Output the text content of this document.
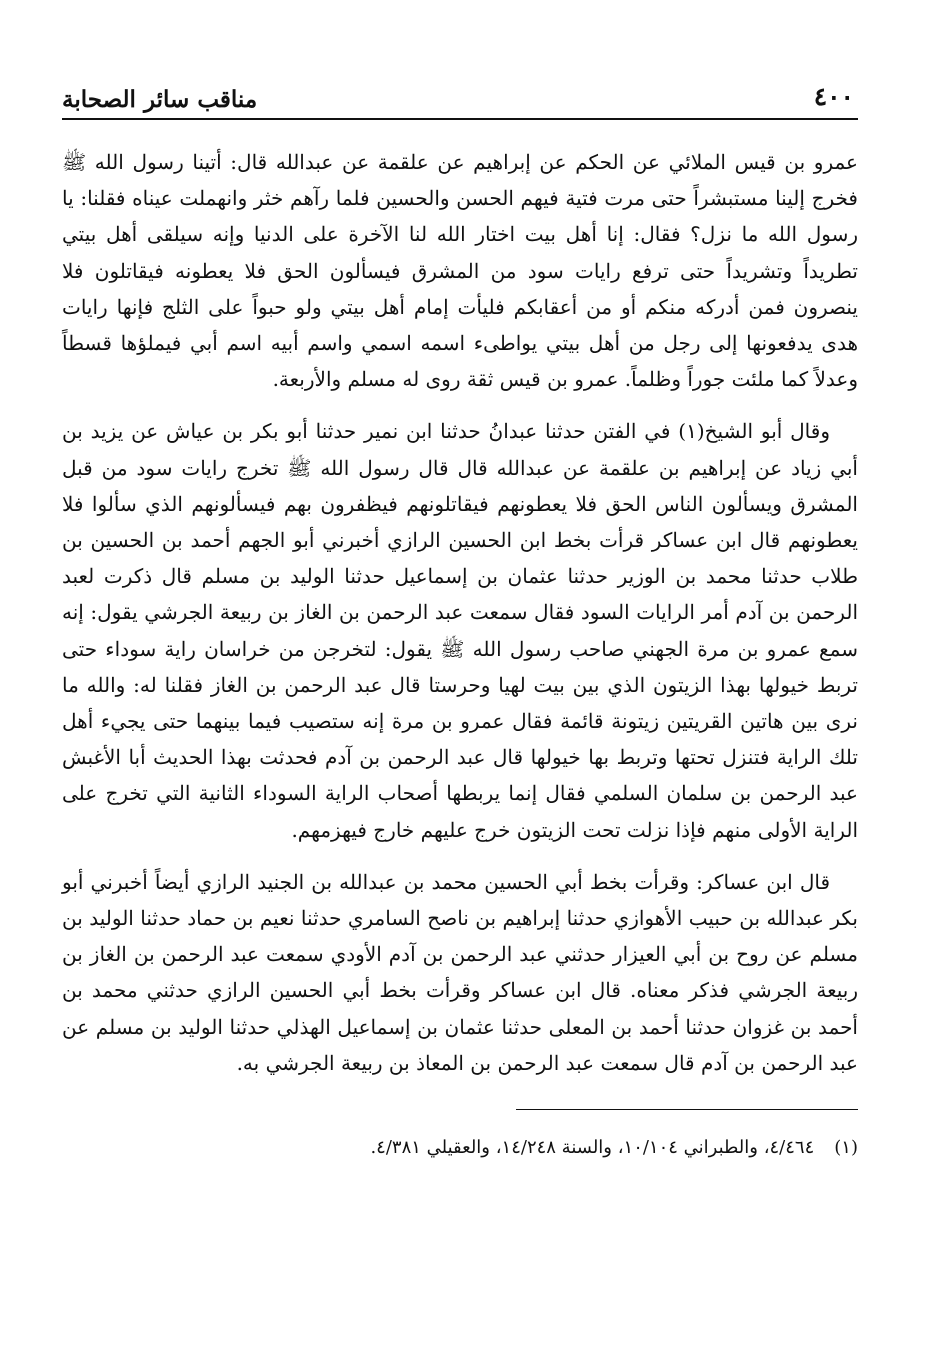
٤٠٠
مناقب سائر الصحابة

عمرو بن قيس الملائي عن الحكم عن إبراهيم عن علقمة عن عبدالله قال: أتينا رسول الله ﷺ فخرج إلينا مستبشراً حتى مرت فتية فيهم الحسن والحسين فلما رآهم خثر وانهملت عيناه فقلنا: يا رسول الله ما نزل؟ فقال: إنا أهل بيت اختار الله لنا الآخرة على الدنيا وإنه سيلقى أهل بيتي تطريداً وتشريداً حتى ترفع رايات سود من المشرق فيسألون الحق فلا يعطونه فيقاتلون فلا ينصرون فمن أدركه منكم أو من أعقابكم فليأت إمام أهل بيتي ولو حبواً على الثلج فإنها رايات هدى يدفعونها إلى رجل من أهل بيتي يواطىء اسمه اسمي واسم أبيه اسم أبي فيملؤها قسطاً وعدلاً كما ملئت جوراً وظلماً. عمرو بن قيس ثقة روى له مسلم والأربعة.

وقال أبو الشيخ(١) في الفتن حدثنا عبدانُ حدثنا ابن نمير حدثنا أبو بكر بن عياش عن يزيد بن أبي زياد عن إبراهيم بن علقمة عن عبدالله قال قال رسول الله ﷺ تخرج رايات سود من قبل المشرق ويسألون الناس الحق فلا يعطونهم فيقاتلونهم فيظفرون بهم فيسألونهم الذي سألوا فلا يعطونهم قال ابن عساكر قرأت بخط ابن الحسين الرازي أخبرني أبو الجهم أحمد بن الحسين بن طلاب حدثنا محمد بن الوزير حدثنا عثمان بن إسماعيل حدثنا الوليد بن مسلم قال ذكرت لعبد الرحمن بن آدم أمر الرايات السود فقال سمعت عبد الرحمن بن الغاز بن ربيعة الجرشي يقول: إنه سمع عمرو بن مرة الجهني صاحب رسول الله ﷺ يقول: لتخرجن من خراسان راية سوداء حتى تربط خيولها بهذا الزيتون الذي بين بيت لهيا وحرستا قال عبد الرحمن بن الغاز فقلنا له: والله ما نرى بين هاتين القريتين زيتونة قائمة فقال عمرو بن مرة إنه ستصيب فيما بينهما حتى يجيء أهل تلك الراية فتنزل تحتها وتربط بها خيولها قال عبد الرحمن بن آدم فحدثت بهذا الحديث أبا الأغبش عبد الرحمن بن سلمان السلمي فقال إنما يربطها أصحاب الراية السوداء الثانية التي تخرج على الراية الأولى منهم فإذا نزلت تحت الزيتون خرج عليهم خارج فيهزمهم.

قال ابن عساكر: وقرأت بخط أبي الحسين محمد بن عبدالله بن الجنيد الرازي أيضاً أخبرني أبو بكر عبدالله بن حبيب الأهوازي حدثنا إبراهيم بن ناصح السامري حدثنا نعيم بن حماد حدثنا الوليد بن مسلم عن روح بن أبي العيزار حدثني عبد الرحمن بن آدم الأودي سمعت عبد الرحمن بن الغاز بن ربيعة الجرشي فذكر معناه. قال ابن عساكر وقرأت بخط أبي الحسين الرازي حدثني محمد بن أحمد بن غزوان حدثنا أحمد بن المعلى حدثنا عثمان بن إسماعيل الهذلي حدثنا الوليد بن مسلم عن عبد الرحمن بن آدم قال سمعت عبد الرحمن بن المعاذ بن ربيعة الجرشي به.

(١)٤/٤٦٤، والطبراني ١٠/١٠٤، والسنة ١٤/٢٤٨، والعقيلي ٤/٣٨١.
